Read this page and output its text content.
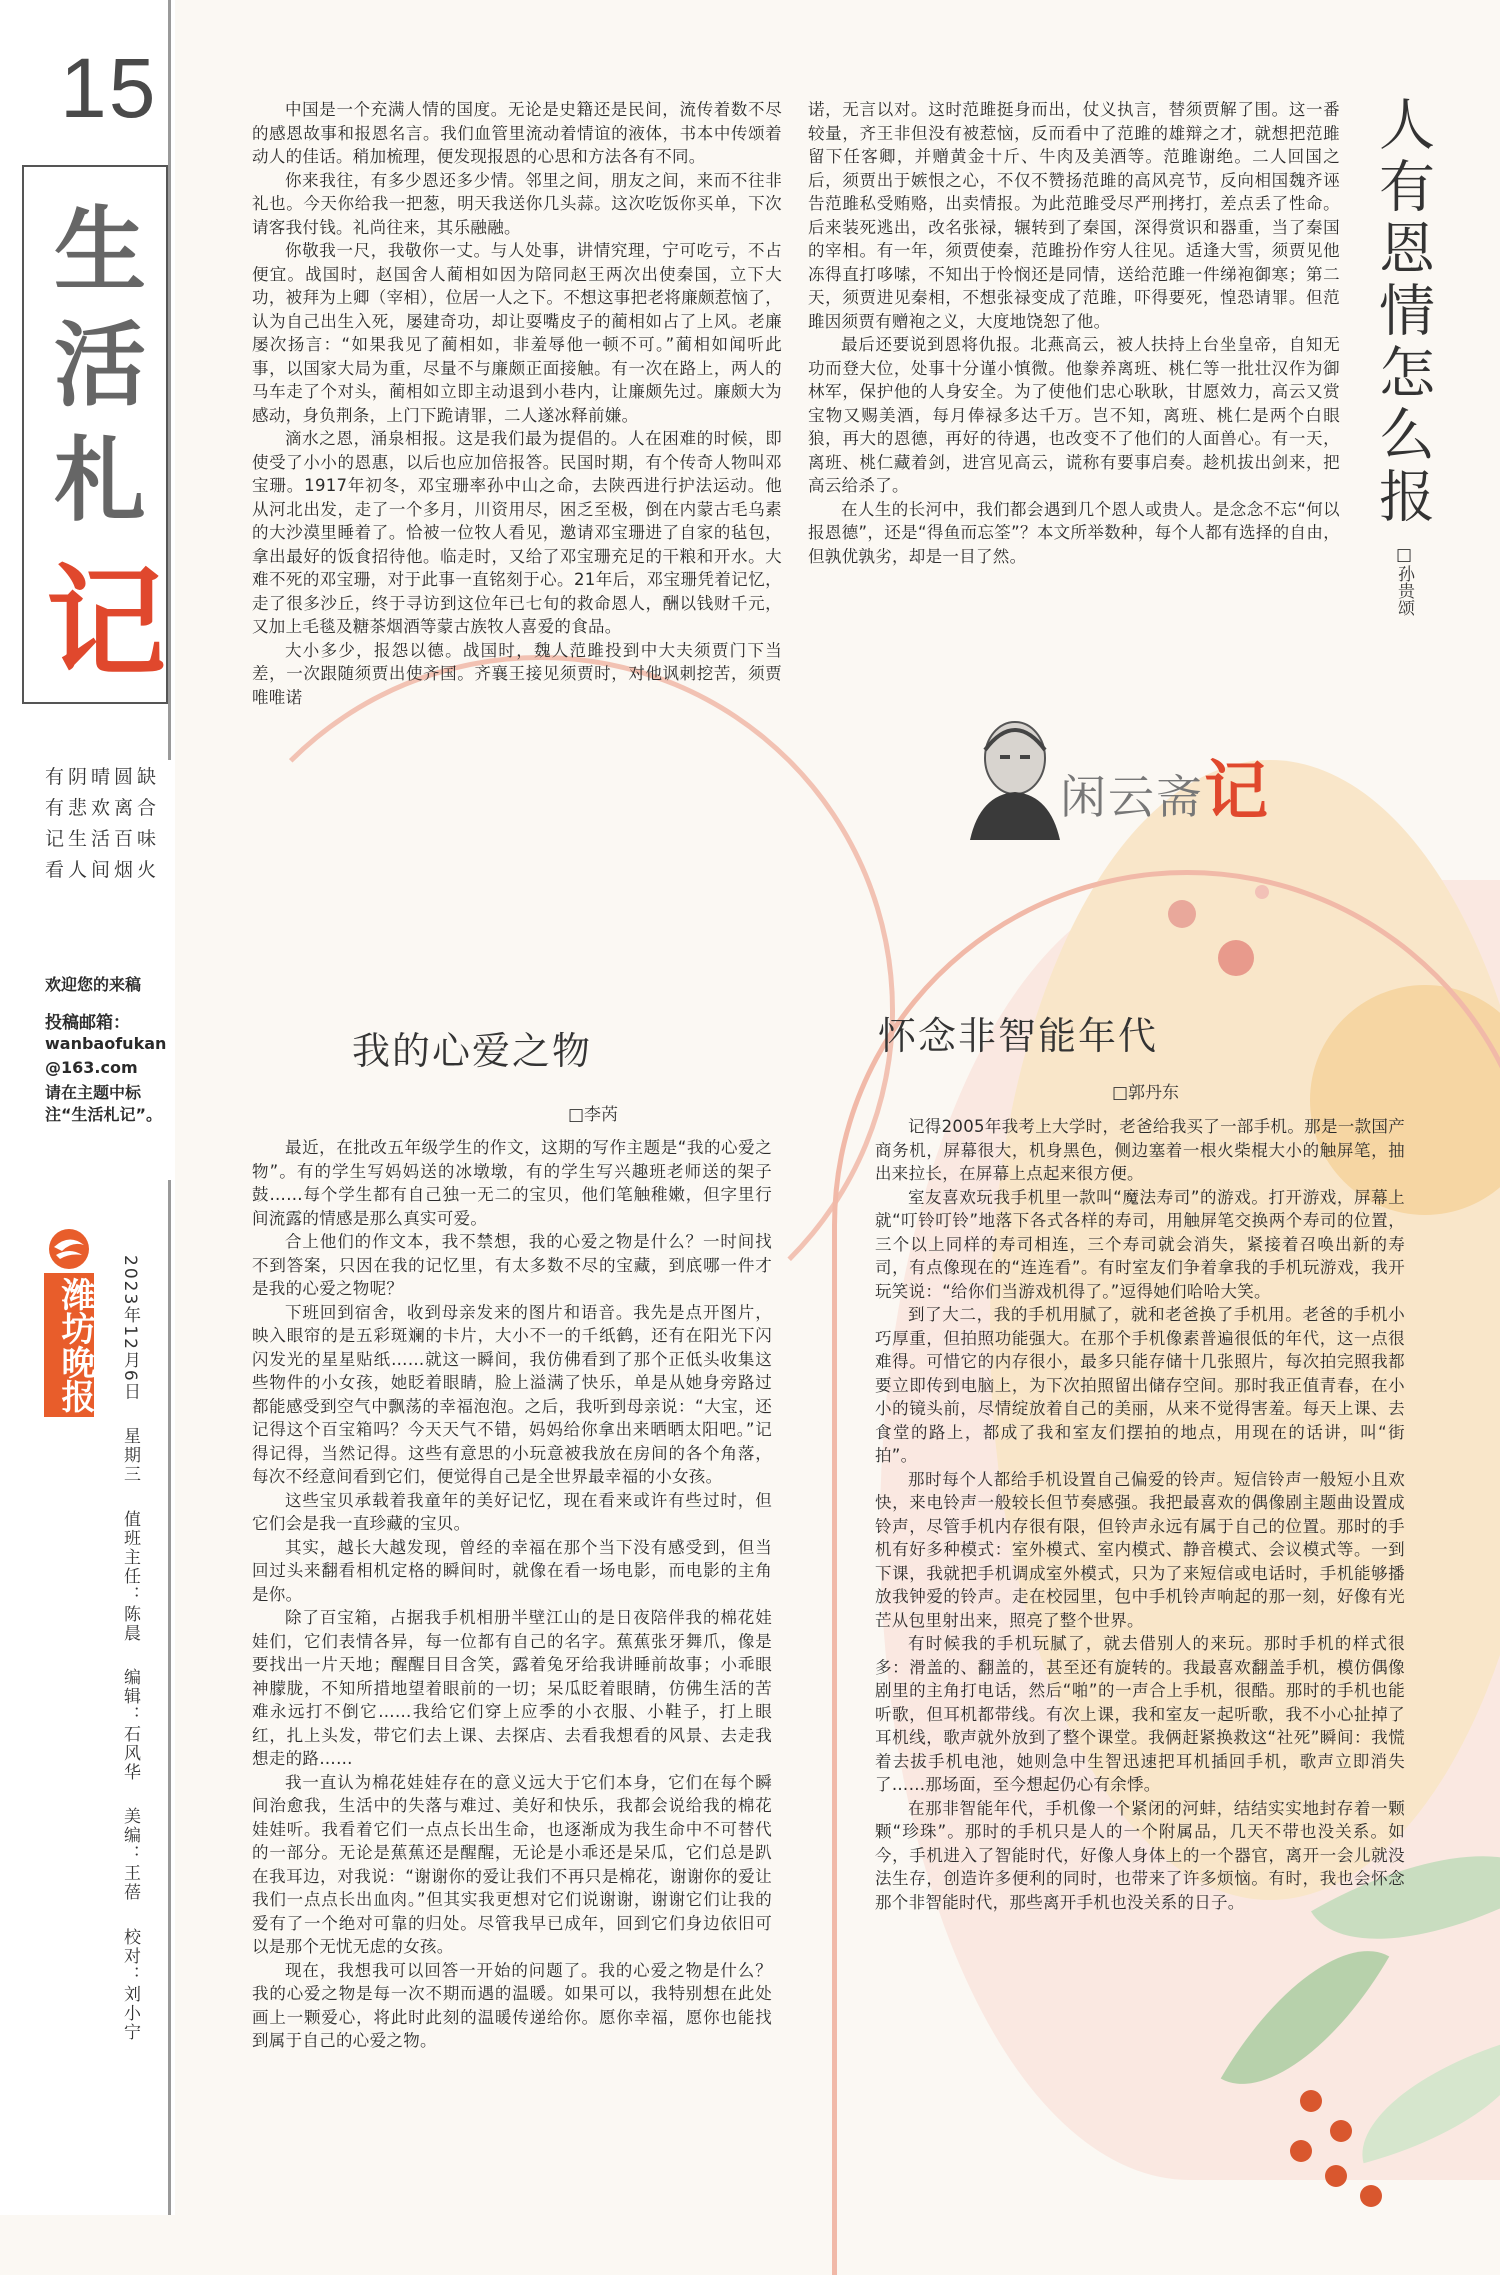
15
生
活
札
记
有阴晴圆缺
有悲欢离合
记生活百味
看人间烟火
欢迎您的来稿
投稿邮箱：
wanbaofukan@163.com
请在主题中标注“生活札记”。
潍坊晚报 2023年12月6日 星期三 值班主任：陈晨 编辑：石风华 美编：王蓓 校对：刘小宁
人有恩情怎么报
□孙贵颂

中国是一个充满人情的国度。无论是史籍还是民间，流传着数不尽的感恩故事和报恩名言。我们血管里流动着情谊的液体，书本中传颂着动人的佳话。稍加梳理，便发现报恩的心思和方法各有不同。

你来我往，有多少恩还多少情。邻里之间，朋友之间，来而不往非礼也。今天你给我一把葱，明天我送你几头蒜。这次吃饭你买单，下次请客我付钱。礼尚往来，其乐融融。

你敬我一尺，我敬你一丈。与人处事，讲情究理，宁可吃亏，不占便宜。战国时，赵国舍人蔺相如因为陪同赵王两次出使秦国，立下大功，被拜为上卿（宰相），位居一人之下。不想这事把老将廉颇惹恼了，认为自己出生入死，屡建奇功，却让耍嘴皮子的蔺相如占了上风。老廉屡次扬言：“如果我见了蔺相如，非羞辱他一顿不可。”蔺相如闻听此事，以国家大局为重，尽量不与廉颇正面接触。有一次在路上，两人的马车走了个对头，蔺相如立即主动退到小巷内，让廉颇先过。廉颇大为感动，身负荆条，上门下跪请罪，二人遂冰释前嫌。

滴水之恩，涌泉相报。这是我们最为提倡的。人在困难的时候，即使受了小小的恩惠，以后也应加倍报答。民国时期，有个传奇人物叫邓宝珊。1917年初冬，邓宝珊率孙中山之命，去陕西进行护法运动。他从河北出发，走了一个多月，川资用尽，困乏至极，倒在内蒙古毛乌素的大沙漠里睡着了。恰被一位牧人看见，邀请邓宝珊进了自家的毡包，拿出最好的饭食招待他。临走时，又给了邓宝珊充足的干粮和开水。大难不死的邓宝珊，对于此事一直铭刻于心。21年后，邓宝珊凭着记忆，走了很多沙丘，终于寻访到这位年已七旬的救命恩人，酬以钱财千元，又加上毛毯及糖茶烟酒等蒙古族牧人喜爱的食品。

大小多少，报怨以德。战国时，魏人范雎投到中大夫须贾门下当差，一次跟随须贾出使齐国。齐襄王接见须贾时，对他讽刺挖苦，须贾唯唯诺

诺，无言以对。这时范雎挺身而出，仗义执言，替须贾解了围。这一番较量，齐王非但没有被惹恼，反而看中了范雎的雄辩之才，就想把范雎留下任客卿，并赠黄金十斤、牛肉及美酒等。范雎谢绝。二人回国之后，须贾出于嫉恨之心，不仅不赞扬范雎的高风亮节，反向相国魏齐诬告范雎私受贿赂，出卖情报。为此范雎受尽严刑拷打，差点丢了性命。后来装死逃出，改名张禄，辗转到了秦国，深得赏识和器重，当了秦国的宰相。有一年，须贾使秦，范雎扮作穷人往见。适逢大雪，须贾见他冻得直打哆嗦，不知出于怜悯还是同情，送给范雎一件绨袍御寒；第二天，须贾进见秦相，不想张禄变成了范雎，吓得要死，惶恐请罪。但范雎因须贾有赠袍之义，大度地饶恕了他。

最后还要说到恩将仇报。北燕高云，被人扶持上台坐皇帝，自知无功而登大位，处事十分谨小慎微。他豢养离班、桃仁等一批壮汉作为御林军，保护他的人身安全。为了使他们忠心耿耿，甘愿效力，高云又赏宝物又赐美酒，每月俸禄多达千万。岂不知，离班、桃仁是两个白眼狼，再大的恩德，再好的待遇，也改变不了他们的人面兽心。有一天，离班、桃仁藏着剑，进宫见高云，谎称有要事启奏。趁机拔出剑来，把高云给杀了。

在人生的长河中，我们都会遇到几个恩人或贵人。是念念不忘“何以报恩德”，还是“得鱼而忘筌”？本文所举数种，每个人都有选择的自由，但孰优孰劣，却是一目了然。

闲云斋记
我的心爱之物
□李芮

最近，在批改五年级学生的作文，这期的写作主题是“我的心爱之物”。有的学生写妈妈送的冰墩墩，有的学生写兴趣班老师送的架子鼓……每个学生都有自己独一无二的宝贝，他们笔触稚嫩，但字里行间流露的情感是那么真实可爱。

合上他们的作文本，我不禁想，我的心爱之物是什么？一时间找不到答案，只因在我的记忆里，有太多数不尽的宝藏，到底哪一件才是我的心爱之物呢？

下班回到宿舍，收到母亲发来的图片和语音。我先是点开图片，映入眼帘的是五彩斑斓的卡片，大小不一的千纸鹤，还有在阳光下闪闪发光的星星贴纸……就这一瞬间，我仿佛看到了那个正低头收集这些物件的小女孩，她眨着眼睛，脸上溢满了快乐，单是从她身旁路过都能感受到空气中飘荡的幸福泡泡。之后，我听到母亲说：“大宝，还记得这个百宝箱吗？今天天气不错，妈妈给你拿出来晒晒太阳吧。”记得记得，当然记得。这些有意思的小玩意被我放在房间的各个角落，每次不经意间看到它们，便觉得自己是全世界最幸福的小女孩。

这些宝贝承载着我童年的美好记忆，现在看来或许有些过时，但它们会是我一直珍藏的宝贝。

其实，越长大越发现，曾经的幸福在那个当下没有感受到，但当回过头来翻看相机定格的瞬间时，就像在看一场电影，而电影的主角是你。

除了百宝箱，占据我手机相册半壁江山的是日夜陪伴我的棉花娃娃们，它们表情各异，每一位都有自己的名字。蕉蕉张牙舞爪，像是要找出一片天地；醒醒目目含笑，露着兔牙给我讲睡前故事；小乖眼神朦胧，不知所措地望着眼前的一切；呆瓜眨着眼睛，仿佛生活的苦难永远打不倒它……我给它们穿上应季的小衣服、小鞋子，打上眼红，扎上头发，带它们去上课、去探店、去看我想看的风景、去走我想走的路……

我一直认为棉花娃娃存在的意义远大于它们本身，它们在每个瞬间治愈我，生活中的失落与难过、美好和快乐，我都会说给我的棉花娃娃听。我看着它们一点点长出生命，也逐渐成为我生命中不可替代的一部分。无论是蕉蕉还是醒醒，无论是小乖还是呆瓜，它们总是趴在我耳边，对我说：“谢谢你的爱让我们不再只是棉花，谢谢你的爱让我们一点点长出血肉。”但其实我更想对它们说谢谢，谢谢它们让我的爱有了一个绝对可靠的归处。尽管我早已成年，回到它们身边依旧可以是那个无忧无虑的女孩。

现在，我想我可以回答一开始的问题了。我的心爱之物是什么？我的心爱之物是每一次不期而遇的温暖。如果可以，我特别想在此处画上一颗爱心，将此时此刻的温暖传递给你。愿你幸福，愿你也能找到属于自己的心爱之物。

怀念非智能年代
□郭丹东

记得2005年我考上大学时，老爸给我买了一部手机。那是一款国产商务机，屏幕很大，机身黑色，侧边塞着一根火柴棍大小的触屏笔，抽出来拉长，在屏幕上点起来很方便。

室友喜欢玩我手机里一款叫“魔法寿司”的游戏。打开游戏，屏幕上就“叮铃叮铃”地落下各式各样的寿司，用触屏笔交换两个寿司的位置，三个以上同样的寿司相连，三个寿司就会消失，紧接着召唤出新的寿司，有点像现在的“连连看”。有时室友们争着拿我的手机玩游戏，我开玩笑说：“给你们当游戏机得了。”逗得她们哈哈大笑。

到了大二，我的手机用腻了，就和老爸换了手机用。老爸的手机小巧厚重，但拍照功能强大。在那个手机像素普遍很低的年代，这一点很难得。可惜它的内存很小，最多只能存储十几张照片，每次拍完照我都要立即传到电脑上，为下次拍照留出储存空间。那时我正值青春，在小小的镜头前，尽情绽放着自己的美丽，从来不觉得害羞。每天上课、去食堂的路上，都成了我和室友们摆拍的地点，用现在的话讲，叫“街拍”。

那时每个人都给手机设置自己偏爱的铃声。短信铃声一般短小且欢快，来电铃声一般较长但节奏感强。我把最喜欢的偶像剧主题曲设置成铃声，尽管手机内存很有限，但铃声永远有属于自己的位置。那时的手机有好多种模式：室外模式、室内模式、静音模式、会议模式等。一到下课，我就把手机调成室外模式，只为了来短信或电话时，手机能够播放我钟爱的铃声。走在校园里，包中手机铃声响起的那一刻，好像有光芒从包里射出来，照亮了整个世界。

有时候我的手机玩腻了，就去借别人的来玩。那时手机的样式很多：滑盖的、翻盖的，甚至还有旋转的。我最喜欢翻盖手机，模仿偶像剧里的主角打电话，然后“啪”的一声合上手机，很酷。那时的手机也能听歌，但耳机都带线。有次上课，我和室友一起听歌，我不小心扯掉了耳机线，歌声就外放到了整个课堂。我俩赶紧换救这“社死”瞬间：我慌着去拔手机电池，她则急中生智迅速把耳机插回手机，歌声立即消失了……那场面，至今想起仍心有余悸。

在那非智能年代，手机像一个紧闭的河蚌，结结实实地封存着一颗颗“珍珠”。那时的手机只是人的一个附属品，几天不带也没关系。如今，手机进入了智能时代，好像人身体上的一个器官，离开一会儿就没法生存，创造许多便利的同时，也带来了许多烦恼。有时，我也会怀念那个非智能时代，那些离开手机也没关系的日子。
